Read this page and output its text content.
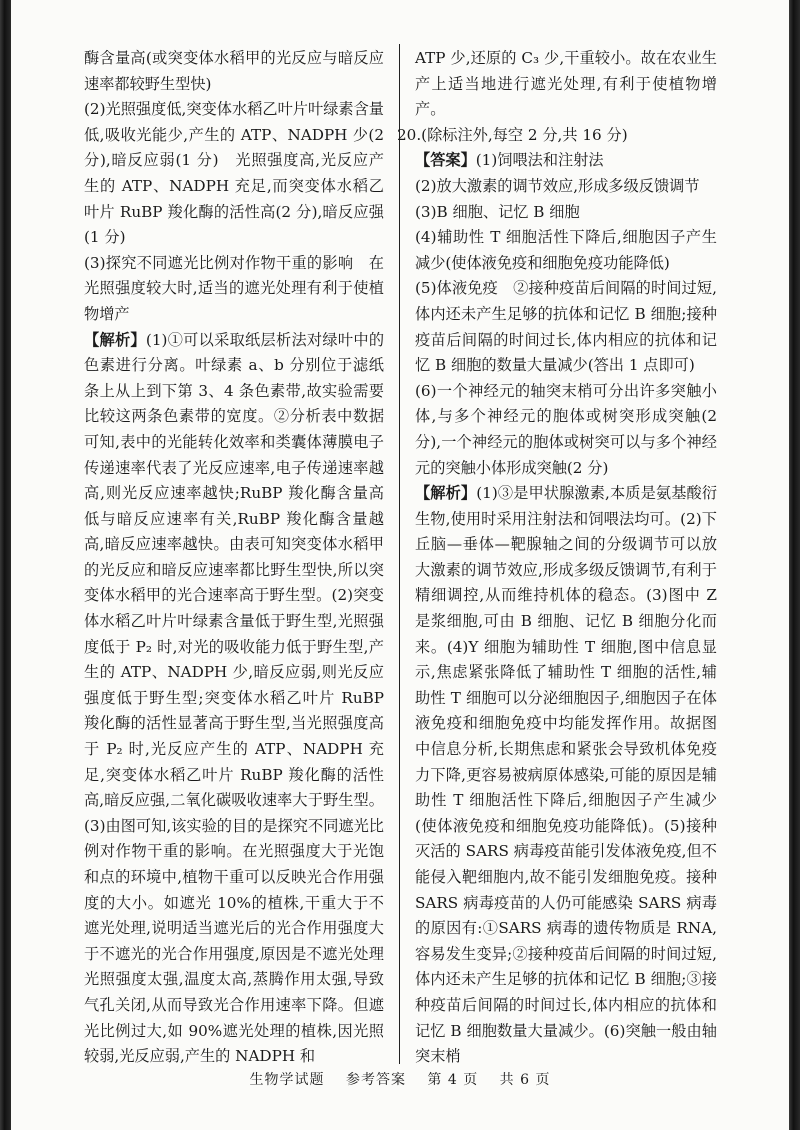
酶含量高(或突变体水稻甲的光反应与暗反应速率都较野生型快)

(2)光照强度低,突变体水稻乙叶片叶绿素含量低,吸收光能少,产生的 ATP、NADPH 少(2 分),暗反应弱(1 分)　光照强度高,光反应产生的 ATP、NADPH 充足,而突变体水稻乙叶片 RuBP 羧化酶的活性高(2 分),暗反应强(1 分)

(3)探究不同遮光比例对作物干重的影响　在光照强度较大时,适当的遮光处理有利于使植物增产

【解析】(1)①可以采取纸层析法对绿叶中的色素进行分离。叶绿素 a、b 分别位于滤纸条上从上到下第 3、4 条色素带,故实验需要比较这两条色素带的宽度。②分析表中数据可知,表中的光能转化效率和类囊体薄膜电子传递速率代表了光反应速率,电子传递速率越高,则光反应速率越快;RuBP 羧化酶含量高低与暗反应速率有关,RuBP 羧化酶含量越高,暗反应速率越快。由表可知突变体水稻甲的光反应和暗反应速率都比野生型快,所以突变体水稻甲的光合速率高于野生型。(2)突变体水稻乙叶片叶绿素含量低于野生型,光照强度低于 P₂ 时,对光的吸收能力低于野生型,产生的 ATP、NADPH 少,暗反应弱,则光反应强度低于野生型;突变体水稻乙叶片 RuBP 羧化酶的活性显著高于野生型,当光照强度高于 P₂ 时,光反应产生的 ATP、NADPH 充足,突变体水稻乙叶片 RuBP 羧化酶的活性高,暗反应强,二氧化碳吸收速率大于野生型。(3)由图可知,该实验的目的是探究不同遮光比例对作物干重的影响。在光照强度大于光饱和点的环境中,植物干重可以反映光合作用强度的大小。如遮光 10%的植株,干重大于不遮光处理,说明适当遮光后的光合作用强度大于不遮光的光合作用强度,原因是不遮光处理光照强度太强,温度太高,蒸腾作用太强,导致气孔关闭,从而导致光合作用速率下降。但遮光比例过大,如 90%遮光处理的植株,因光照较弱,光反应弱,产生的 NADPH 和

ATP 少,还原的 C₃ 少,干重较小。故在农业生产上适当地进行遮光处理,有利于使植物增产。

20.(除标注外,每空 2 分,共 16 分)

【答案】(1)饲喂法和注射法

(2)放大激素的调节效应,形成多级反馈调节

(3)B 细胞、记忆 B 细胞

(4)辅助性 T 细胞活性下降后,细胞因子产生减少(使体液免疫和细胞免疫功能降低)

(5)体液免疫　②接种疫苗后间隔的时间过短,体内还未产生足够的抗体和记忆 B 细胞;接种疫苗后间隔的时间过长,体内相应的抗体和记忆 B 细胞的数量大量减少(答出 1 点即可)

(6)一个神经元的轴突末梢可分出许多突触小体,与多个神经元的胞体或树突形成突触(2 分),一个神经元的胞体或树突可以与多个神经元的突触小体形成突触(2 分)

【解析】(1)③是甲状腺激素,本质是氨基酸衍生物,使用时采用注射法和饲喂法均可。(2)下丘脑—垂体—靶腺轴之间的分级调节可以放大激素的调节效应,形成多级反馈调节,有利于精细调控,从而维持机体的稳态。(3)图中 Z 是浆细胞,可由 B 细胞、记忆 B 细胞分化而来。(4)Y 细胞为辅助性 T 细胞,图中信息显示,焦虑紧张降低了辅助性 T 细胞的活性,辅助性 T 细胞可以分泌细胞因子,细胞因子在体液免疫和细胞免疫中均能发挥作用。故据图中信息分析,长期焦虑和紧张会导致机体免疫力下降,更容易被病原体感染,可能的原因是辅助性 T 细胞活性下降后,细胞因子产生减少(使体液免疫和细胞免疫功能降低)。(5)接种灭活的 SARS 病毒疫苗能引发体液免疫,但不能侵入靶细胞内,故不能引发细胞免疫。接种 SARS 病毒疫苗的人仍可能感染 SARS 病毒的原因有:①SARS 病毒的遗传物质是 RNA,容易发生变异;②接种疫苗后间隔的时间过短,体内还未产生足够的抗体和记忆 B 细胞;③接种疫苗后间隔的时间过长,体内相应的抗体和记忆 B 细胞数量大量减少。(6)突触一般由轴突末梢

生物学试题 参考答案 第 4 页 共 6 页
